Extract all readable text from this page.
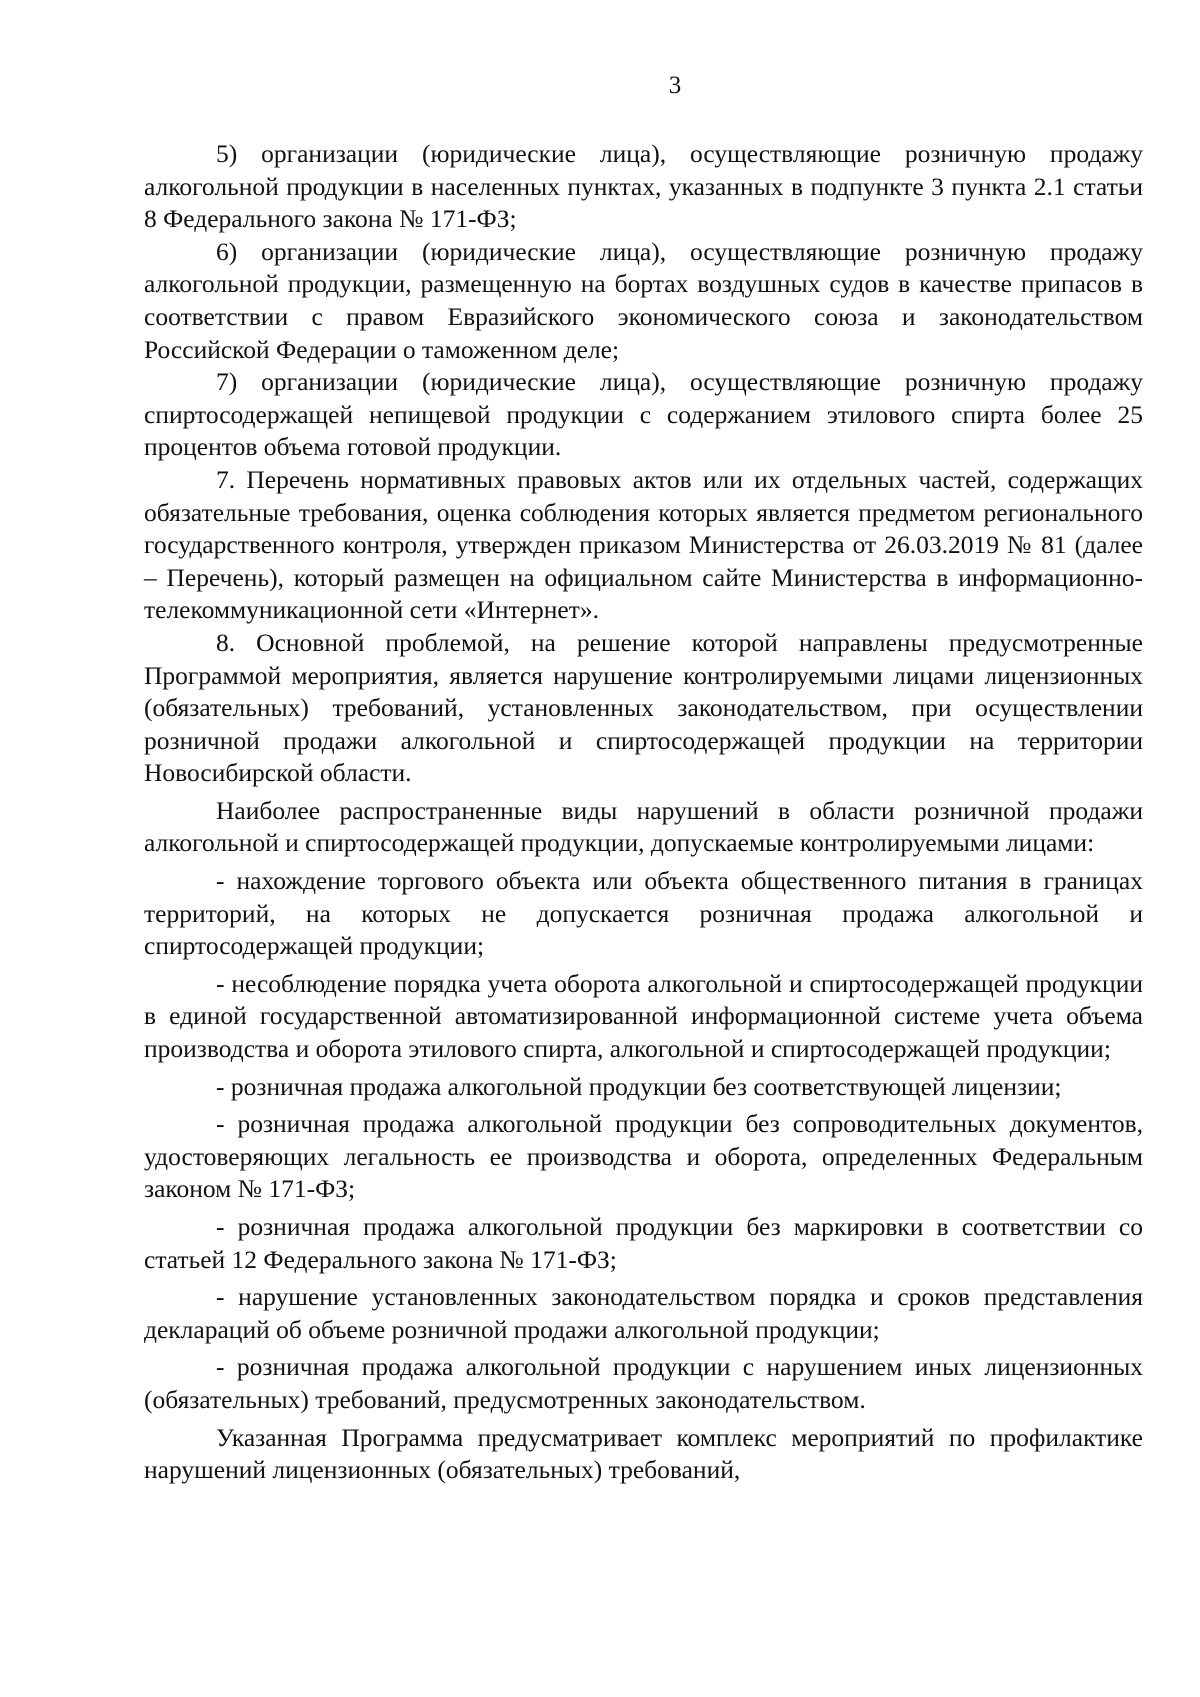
3

5) организации (юридические лица), осуществляющие розничную продажу алкогольной продукции в населенных пунктах, указанных в подпункте 3 пункта 2.1 статьи 8 Федерального закона № 171-ФЗ;

6) организации (юридические лица), осуществляющие розничную продажу алкогольной продукции, размещенную на бортах воздушных судов в качестве припасов в соответствии с правом Евразийского экономического союза и законодательством Российской Федерации о таможенном деле;

7) организации (юридические лица), осуществляющие розничную продажу спиртосодержащей непищевой продукции с содержанием этилового спирта более 25 процентов объема готовой продукции.

7. Перечень нормативных правовых актов или их отдельных частей, содержащих обязательные требования, оценка соблюдения которых является предметом регионального государственного контроля, утвержден приказом Министерства от 26.03.2019 № 81 (далее – Перечень), который размещен на официальном сайте Министерства в информационно-телекоммуникационной сети «Интернет».

8. Основной проблемой, на решение которой направлены предусмотренные Программой мероприятия, является нарушение контролируемыми лицами лицензионных (обязательных) требований, установленных законодательством, при осуществлении розничной продажи алкогольной и спиртосодержащей продукции на территории Новосибирской области.

Наиболее распространенные виды нарушений в области розничной продажи алкогольной и спиртосодержащей продукции, допускаемые контролируемыми лицами:

- нахождение торгового объекта или объекта общественного питания в границах территорий, на которых не допускается розничная продажа алкогольной и спиртосодержащей продукции;

- несоблюдение порядка учета оборота алкогольной и спиртосодержащей продукции в единой государственной автоматизированной информационной системе учета объема производства и оборота этилового спирта, алкогольной и спиртосодержащей продукции;

- розничная продажа алкогольной продукции без соответствующей лицензии;

- розничная продажа алкогольной продукции без сопроводительных документов, удостоверяющих легальность ее производства и оборота, определенных Федеральным законом № 171-ФЗ;

- розничная продажа алкогольной продукции без маркировки в соответствии со статьей 12 Федерального закона № 171-ФЗ;

- нарушение установленных законодательством порядка и сроков представления деклараций об объеме розничной продажи алкогольной продукции;

- розничная продажа алкогольной продукции с нарушением иных лицензионных (обязательных) требований, предусмотренных законодательством.

Указанная Программа предусматривает комплекс мероприятий по профилактике нарушений лицензионных (обязательных) требований,
